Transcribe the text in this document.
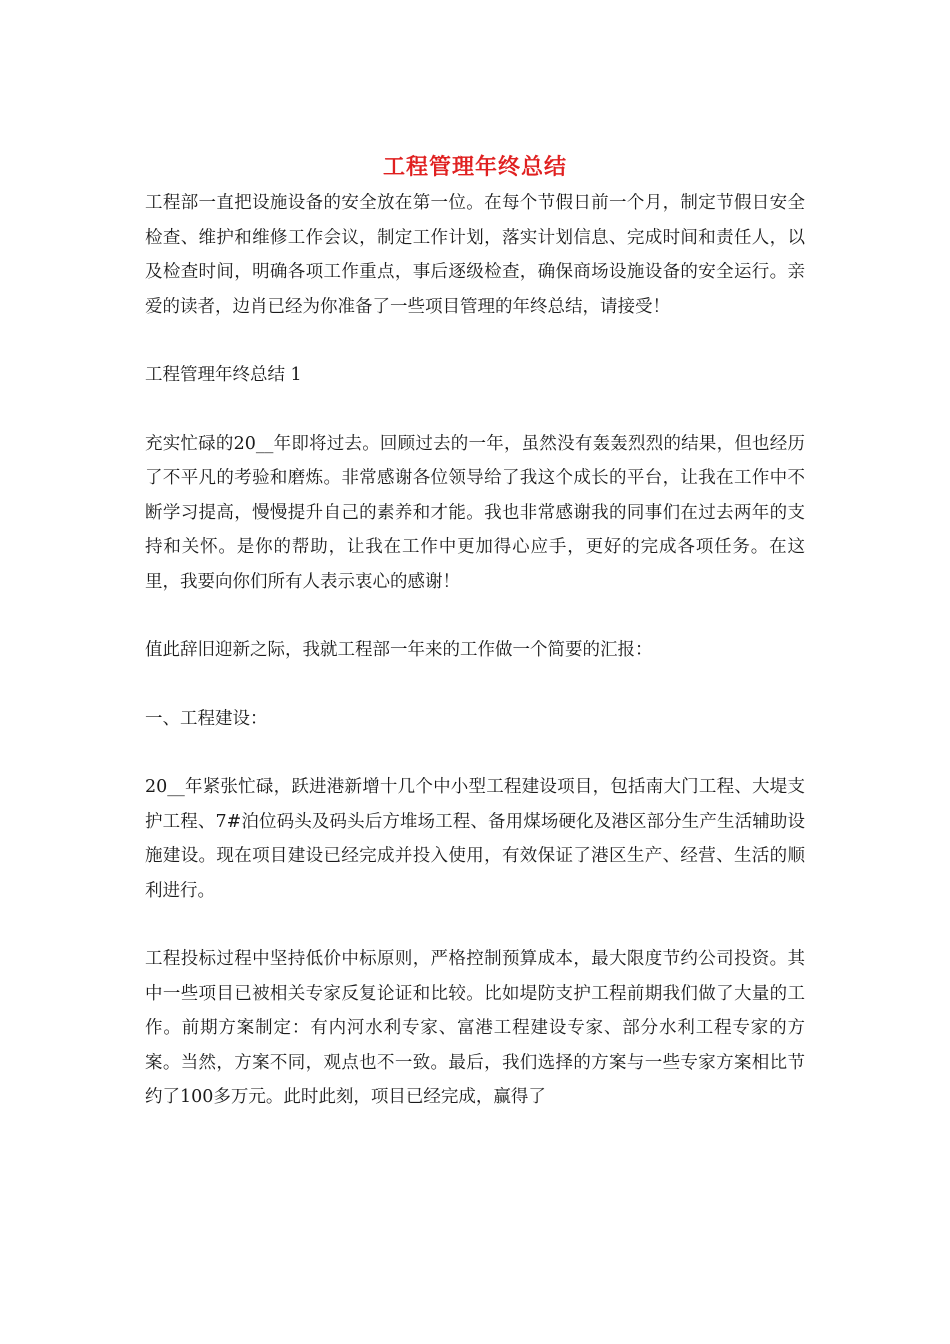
工程管理年终总结

工程部一直把设施设备的安全放在第一位。在每个节假日前一个月，制定节假日安全检查、维护和维修工作会议，制定工作计划，落实计划信息、完成时间和责任人，以及检查时间，明确各项工作重点，事后逐级检查，确保商场设施设备的安全运行。亲爱的读者，边肖已经为你准备了一些项目管理的年终总结，请接受！

工程管理年终总结 1

充实忙碌的20__年即将过去。回顾过去的一年，虽然没有轰轰烈烈的结果，但也经历了不平凡的考验和磨炼。非常感谢各位领导给了我这个成长的平台，让我在工作中不断学习提高，慢慢提升自己的素养和才能。我也非常感谢我的同事们在过去两年的支持和关怀。是你的帮助，让我在工作中更加得心应手，更好的完成各项任务。在这里，我要向你们所有人表示衷心的感谢！

值此辞旧迎新之际，我就工程部一年来的工作做一个简要的汇报：

一、工程建设：

20__年紧张忙碌，跃进港新增十几个中小型工程建设项目，包括南大门工程、大堤支护工程、7#泊位码头及码头后方堆场工程、备用煤场硬化及港区部分生产生活辅助设施建设。现在项目建设已经完成并投入使用，有效保证了港区生产、经营、生活的顺利进行。

工程投标过程中坚持低价中标原则，严格控制预算成本，最大限度节约公司投资。其中一些项目已被相关专家反复论证和比较。比如堤防支护工程前期我们做了大量的工作。前期方案制定：有内河水利专家、富港工程建设专家、部分水利工程专家的方案。当然，方案不同，观点也不一致。最后，我们选择的方案与一些专家方案相比节约了100多万元。此时此刻，项目已经完成，赢得了
